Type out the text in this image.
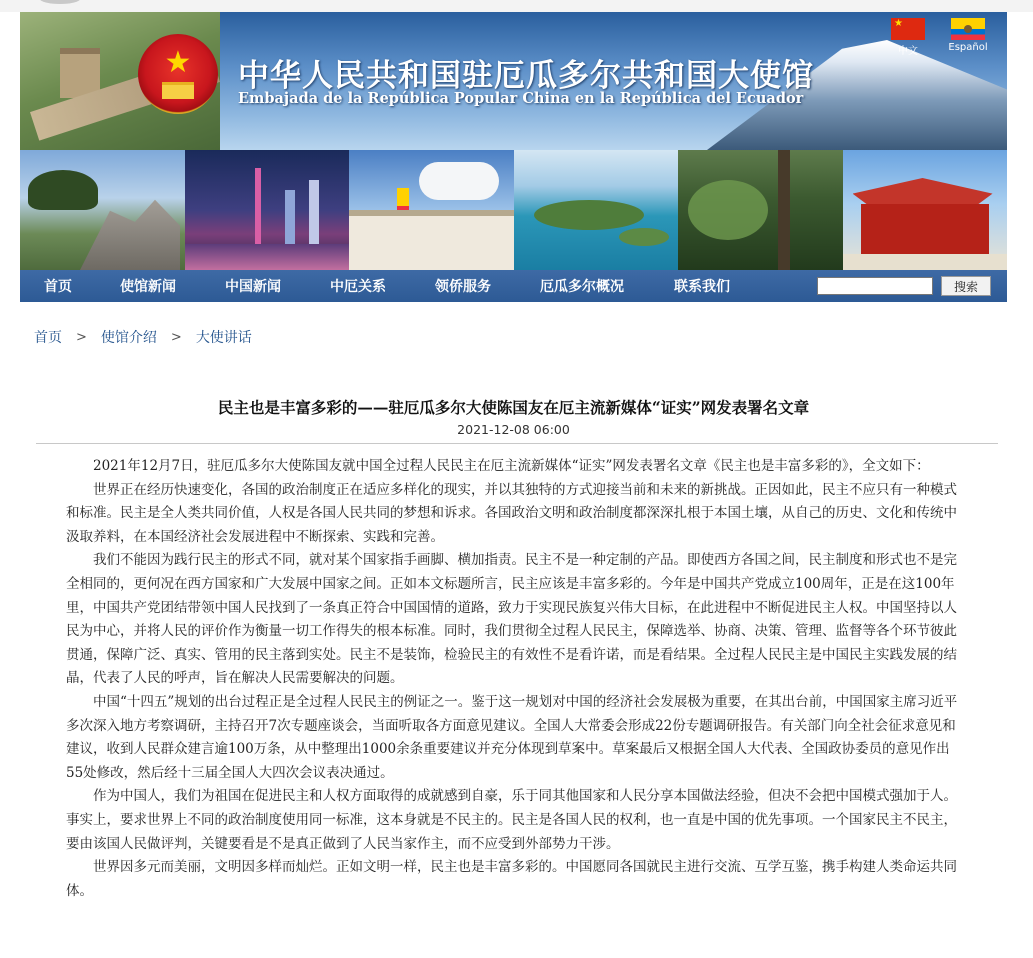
★	中华人民共和国驻厄瓜多尔共和国大使馆
Embajada de la República Popular China en la República del Ecuador
★
中文	Español
首页	使馆新闻	中国新闻	中厄关系	领侨服务	厄瓜多尔概况	联系我们	搜索
首页 > 使馆介绍 > 大使讲话
民主也是丰富多彩的——驻厄瓜多尔大使陈国友在厄主流新媒体“证实”网发表署名文章
2021-12-08 06:00

2021年12月7日，驻厄瓜多尔大使陈国友就中国全过程人民民主在厄主流新媒体“证实”网发表署名文章《民主也是丰富多彩的》，全文如下：

世界正在经历快速变化，各国的政治制度正在适应多样化的现实，并以其独特的方式迎接当前和未来的新挑战。正因如此，民主不应只有一种模式和标准。民主是全人类共同价值，人权是各国人民共同的梦想和诉求。各国政治文明和政治制度都深深扎根于本国土壤，从自己的历史、文化和传统中汲取养料，在本国经济社会发展进程中不断探索、实践和完善。

我们不能因为践行民主的形式不同，就对某个国家指手画脚、横加指责。民主不是一种定制的产品。即使西方各国之间，民主制度和形式也不是完全相同的，更何况在西方国家和广大发展中国家之间。正如本文标题所言，民主应该是丰富多彩的。今年是中国共产党成立100周年，正是在这100年里，中国共产党团结带领中国人民找到了一条真正符合中国国情的道路，致力于实现民族复兴伟大目标，在此进程中不断促进民主人权。中国坚持以人民为中心，并将人民的评价作为衡量一切工作得失的根本标准。同时，我们贯彻全过程人民民主，保障选举、协商、决策、管理、监督等各个环节彼此贯通，保障广泛、真实、管用的民主落到实处。民主不是装饰，检验民主的有效性不是看许诺，而是看结果。全过程人民民主是中国民主实践发展的结晶，代表了人民的呼声，旨在解决人民需要解决的问题。

中国“十四五”规划的出台过程正是全过程人民民主的例证之一。鉴于这一规划对中国的经济社会发展极为重要，在其出台前，中国国家主席习近平多次深入地方考察调研，主持召开7次专题座谈会，当面听取各方面意见建议。全国人大常委会形成22份专题调研报告。有关部门向全社会征求意见和建议，收到人民群众建言逾100万条，从中整理出1000余条重要建议并充分体现到草案中。草案最后又根据全国人大代表、全国政协委员的意见作出55处修改，然后经十三届全国人大四次会议表决通过。

作为中国人，我们为祖国在促进民主和人权方面取得的成就感到自豪，乐于同其他国家和人民分享本国做法经验，但决不会把中国模式强加于人。事实上，要求世界上不同的政治制度使用同一标准，这本身就是不民主的。民主是各国人民的权利，也一直是中国的优先事项。一个国家民主不民主，要由该国人民做评判，关键要看是不是真正做到了人民当家作主，而不应受到外部势力干涉。

世界因多元而美丽，文明因多样而灿烂。正如文明一样，民主也是丰富多彩的。中国愿同各国就民主进行交流、互学互鉴，携手构建人类命运共同体。
